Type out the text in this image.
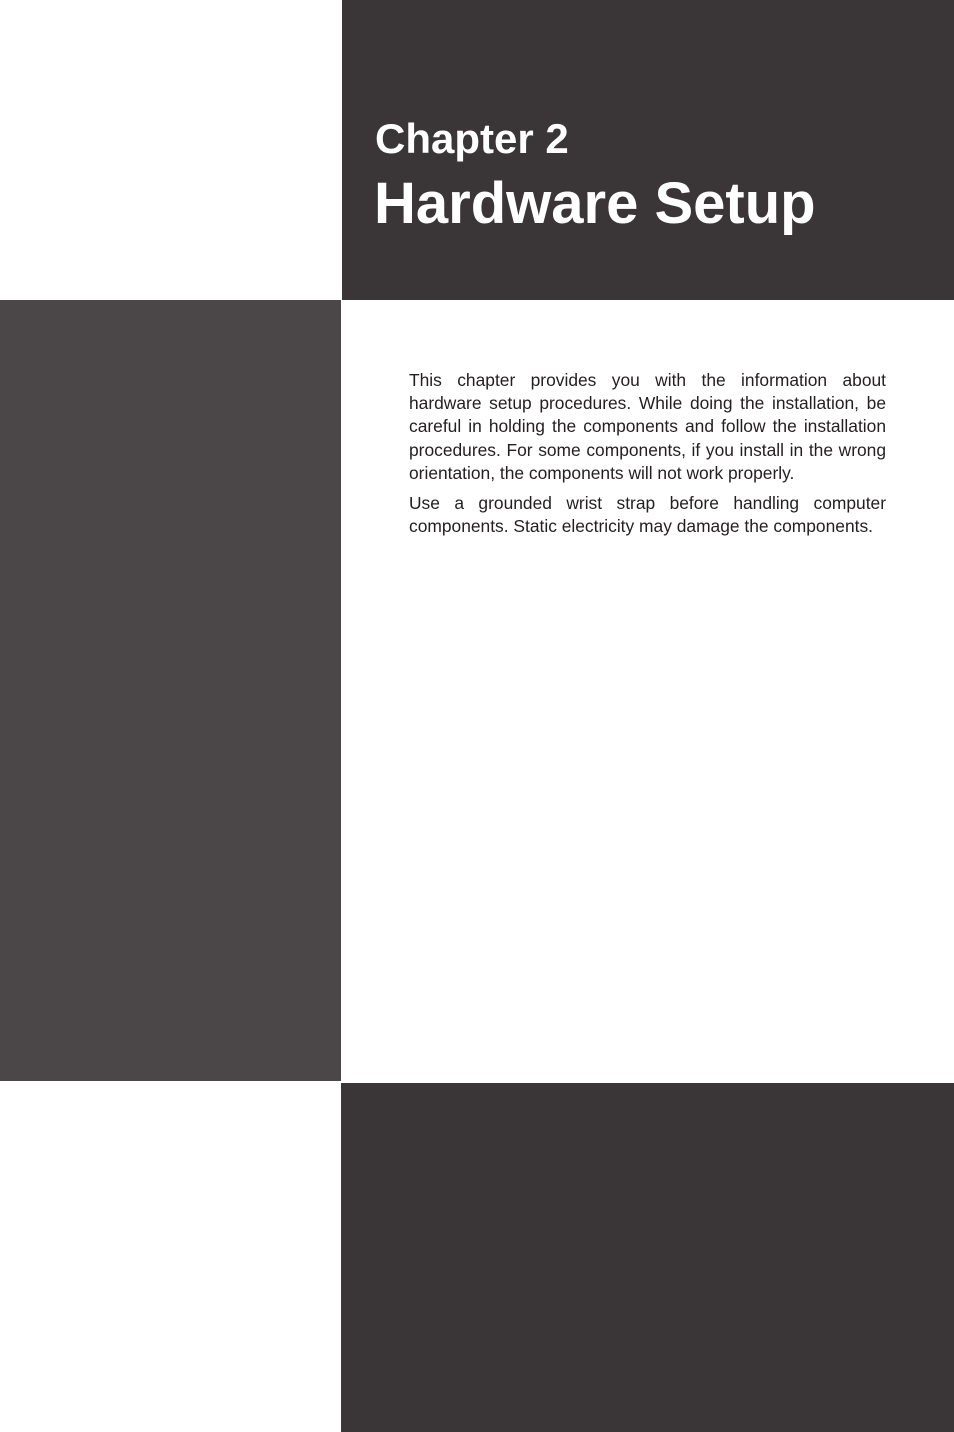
Chapter 2
Hardware Setup

This chapter provides you with the information about hardware setup procedures. While doing the installation, be careful in holding the components and follow the installation procedures. For some components, if you install in the wrong orientation, the components will not work properly.

Use a grounded wrist strap before handling computer components. Static electricity may damage the components.
